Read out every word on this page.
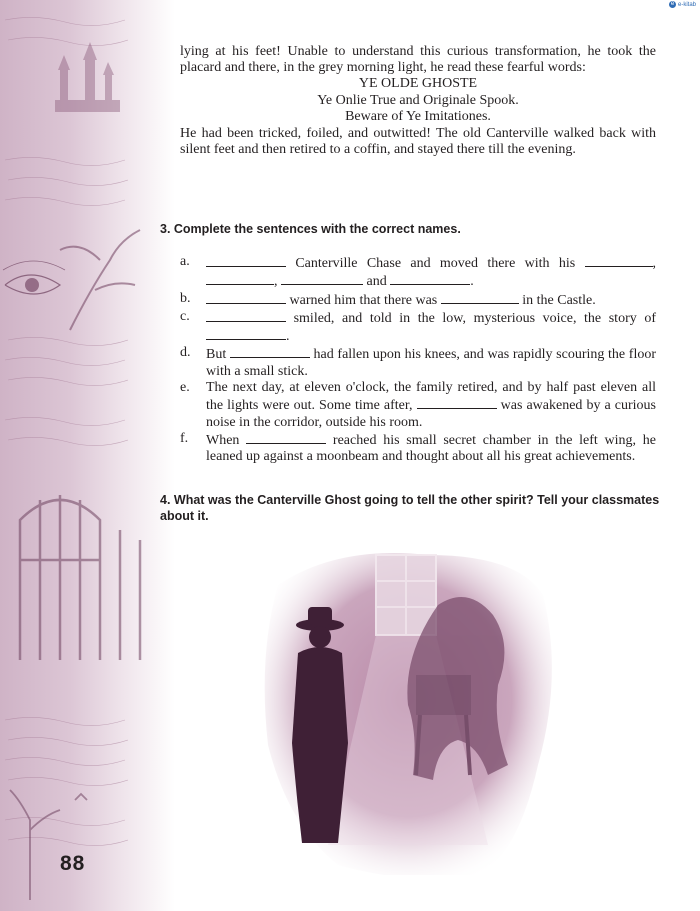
e e-kitab

lying at his feet! Unable to understand this curious transformation, he took the placard and there, in the grey morning light, he read these fearful words:

YE OLDE GHOSTE
Ye Onlie True and Originale Spook.
Beware of Ye Imitationes.

He had been tricked, foiled, and outwitted! The old Canterville walked back with silent feet and then retired to a coffin, and stayed there till the evening.

3. Complete the sentences with the correct names.
a.	Canterville Chase and moved there with his	, ,	and	.
b.	warned him that there was	in the Castle.
c.	smiled, and told in the low, mysterious voice, the story of .
d.	But	had fallen upon his knees, and was rapidly scouring the floor with a small stick.
e.	The next day, at eleven o'clock, the family retired, and by half past eleven all the lights were out. Some time after,	was awakened by a curious noise in the corridor, outside his room.
f.	When	reached his small secret chamber in the left wing, he leaned up against a moonbeam and thought about all his great achievements.
4. What was the Canterville Ghost going to tell the other spirit? Tell your classmates about it.
88
